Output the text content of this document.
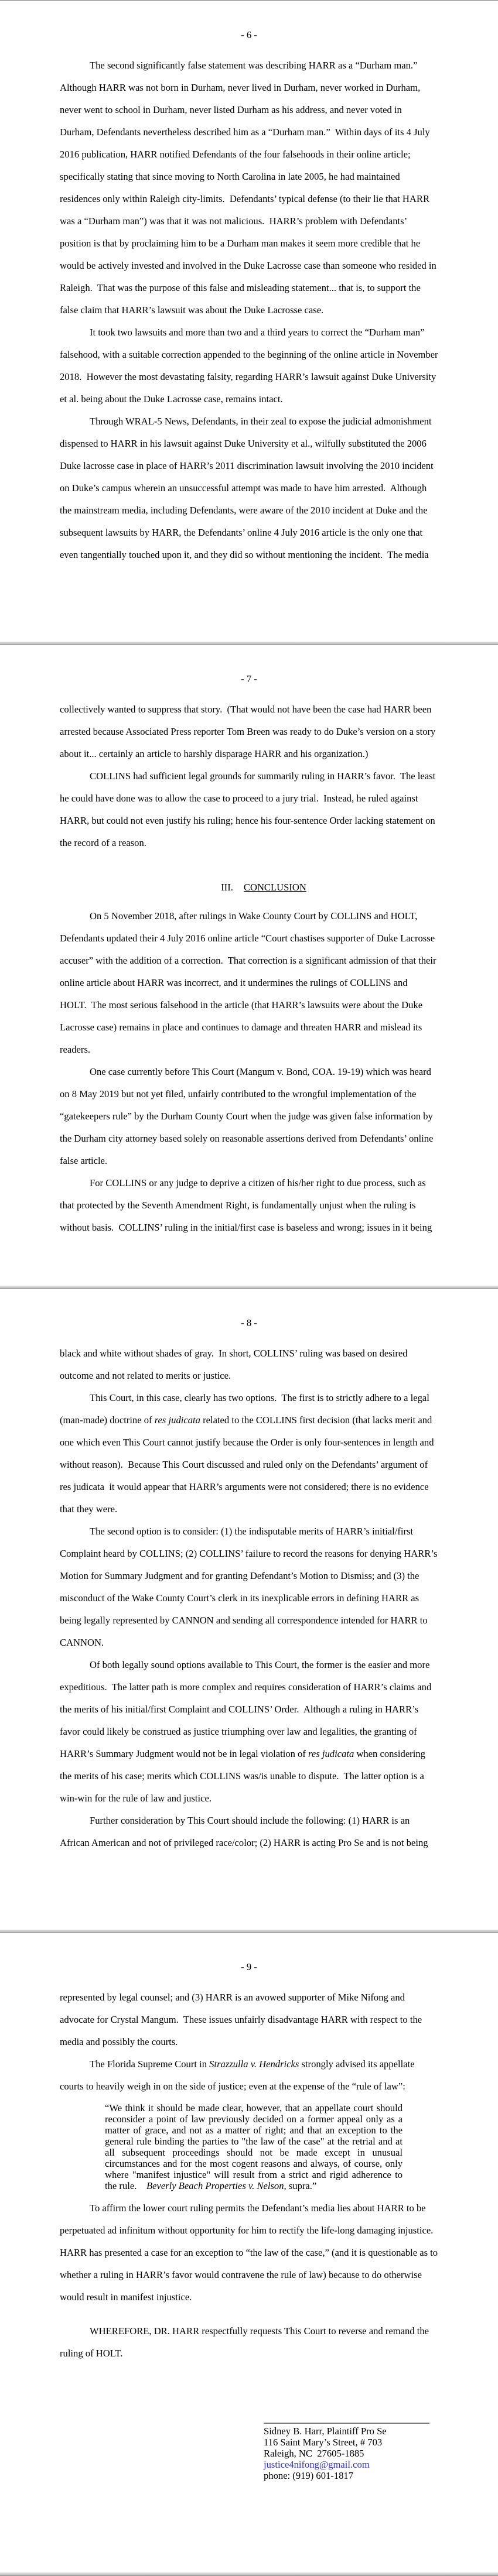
- 6 -

The second significantly false statement was describing HARR as a “Durham man.”  Although HARR was not born in Durham, never lived in Durham, never worked in Durham, never went to school in Durham, never listed Durham as his address, and never voted in Durham, Defendants nevertheless described him as a “Durham man.”  Within days of its 4 July 2016 publication, HARR notified Defendants of the four falsehoods in their online article; specifically stating that since moving to North Carolina in late 2005, he had maintained residences only within Raleigh city-limits.  Defendants’ typical defense (to their lie that HARR was a “Durham man”) was that it was not malicious.  HARR’s problem with Defendants’ position is that by proclaiming him to be a Durham man makes it seem more credible that he would be actively invested and involved in the Duke Lacrosse case than someone who resided in Raleigh.  That was the purpose of this false and misleading statement... that is, to support the false claim that HARR’s lawsuit was about the Duke Lacrosse case.

It took two lawsuits and more than two and a third years to correct the “Durham man” falsehood, with a suitable correction appended to the beginning of the online article in November 2018.  However the most devastating falsity, regarding HARR’s lawsuit against Duke University et al. being about the Duke Lacrosse case, remains intact.

Through WRAL-5 News, Defendants, in their zeal to expose the judicial admonishment dispensed to HARR in his lawsuit against Duke University et al., wilfully substituted the 2006 Duke lacrosse case in place of HARR’s 2011 discrimination lawsuit involving the 2010 incident on Duke’s campus wherein an unsuccessful attempt was made to have him arrested.  Although the mainstream media, including Defendants, were aware of the 2010 incident at Duke and the subsequent lawsuits by HARR, the Defendants’ online 4 July 2016 article is the only one that even tangentially touched upon it, and they did so without mentioning the incident.  The media

- 7 -

collectively wanted to suppress that story.  (That would not have been the case had HARR been arrested because Associated Press reporter Tom Breen was ready to do Duke’s version on a story about it... certainly an article to harshly disparage HARR and his organization.)

COLLINS had sufficient legal grounds for summarily ruling in HARR’s favor.  The least he could have done was to allow the case to proceed to a jury trial.  Instead, he ruled against HARR, but could not even justify his ruling; hence his four-sentence Order lacking statement on the record of a reason.

III. CONCLUSION

On 5 November 2018, after rulings in Wake County Court by COLLINS and HOLT, Defendants updated their 4 July 2016 online article “Court chastises supporter of Duke Lacrosse accuser” with the addition of a correction.  That correction is a significant admission of that their online article about HARR was incorrect, and it undermines the rulings of COLLINS and HOLT.  The most serious falsehood in the article (that HARR’s lawsuits were about the Duke Lacrosse case) remains in place and continues to damage and threaten HARR and mislead its readers.

One case currently before This Court (Mangum v. Bond, COA. 19-19) which was heard on 8 May 2019 but not yet filed, unfairly contributed to the wrongful implementation of the “gatekeepers rule” by the Durham County Court when the judge was given false information by the Durham city attorney based solely on reasonable assertions derived from Defendants’ online false article.

For COLLINS or any judge to deprive a citizen of his/her right to due process, such as that protected by the Seventh Amendment Right, is fundamentally unjust when the ruling is without basis.  COLLINS’ ruling in the initial/first case is baseless and wrong; issues in it being

- 8 -

black and white without shades of gray.  In short, COLLINS’ ruling was based on desired outcome and not related to merits or justice.

This Court, in this case, clearly has two options.  The first is to strictly adhere to a legal (man-made) doctrine of res judicata related to the COLLINS first decision (that lacks merit and one which even This Court cannot justify because the Order is only four-sentences in length and without reason).  Because This Court discussed and ruled only on the Defendants’ argument of res judicata  it would appear that HARR’s arguments were not considered; there is no evidence that they were.

The second option is to consider: (1) the indisputable merits of HARR’s initial/first Complaint heard by COLLINS; (2) COLLINS’ failure to record the reasons for denying HARR’s Motion for Summary Judgment and for granting Defendant’s Motion to Dismiss; and (3) the misconduct of the Wake County Court’s clerk in its inexplicable errors in defining HARR as being legally represented by CANNON and sending all correspondence intended for HARR to CANNON.

Of both legally sound options available to This Court, the former is the easier and more expeditious.  The latter path is more complex and requires consideration of HARR’s claims and the merits of his initial/first Complaint and COLLINS’ Order.  Although a ruling in HARR’s favor could likely be construed as justice triumphing over law and legalities, the granting of HARR’s Summary Judgment would not be in legal violation of res judicata when considering the merits of his case; merits which COLLINS was/is unable to dispute.  The latter option is a win-win for the rule of law and justice.

Further consideration by This Court should include the following: (1) HARR is an African American and not of privileged race/color; (2) HARR is acting Pro Se and is not being

- 9 -

represented by legal counsel; and (3) HARR is an avowed supporter of Mike Nifong and advocate for Crystal Mangum.  These issues unfairly disadvantage HARR with respect to the media and possibly the courts.

The Florida Supreme Court in Strazzulla v. Hendricks strongly advised its appellate courts to heavily weigh in on the side of justice; even at the expense of the “rule of law”:

“We think it should be made clear, however, that an appellate court should reconsider a point of law previously decided on a former appeal only as a matter of grace, and not as a matter of right; and that an exception to the general rule binding the parties to "the law of the case" at the retrial and at all subsequent proceedings should not be made except in unusual circumstances and for the most cogent reasons and always, of course, only where "manifest injustice" will result from a strict and rigid adherence to the rule.    Beverly Beach Properties v. Nelson, supra.”

To affirm the lower court ruling permits the Defendant’s media lies about HARR to be perpetuated ad infinitum without opportunity for him to rectify the life-long damaging injustice.  HARR has presented a case for an exception to “the law of the case,” (and it is questionable as to whether a ruling in HARR’s favor would contravene the rule of law) because to do otherwise would result in manifest injustice.

WHEREFORE, DR. HARR respectfully requests This Court to reverse and remand the ruling of HOLT.

Sidney B. Harr, Plaintiff Pro Se
116 Saint Mary’s Street, # 703
Raleigh, NC  27605-1885
justice4nifong@gmail.com
phone: (919) 601-1817
